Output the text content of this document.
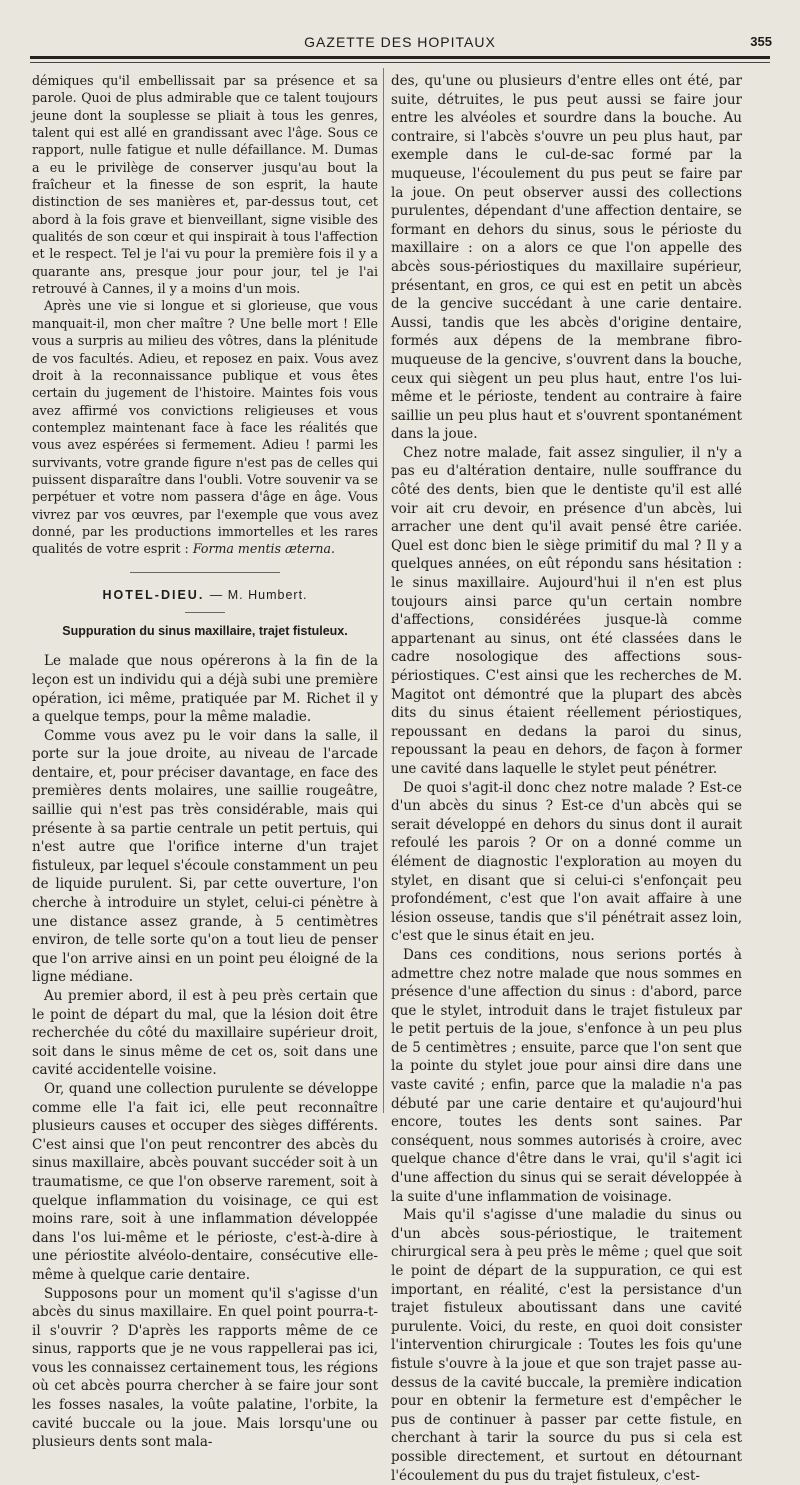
GAZETTE DES HOPITAUX	355

démiques qu'il embellissait par sa présence et sa parole. Quoi de plus admirable que ce talent toujours jeune dont la souplesse se pliait à tous les genres, talent qui est allé en grandissant avec l'âge. Sous ce rapport, nulle fatigue et nulle défaillance. M. Dumas a eu le privilège de conserver jusqu'au bout la fraîcheur et la finesse de son esprit, la haute distinction de ses manières et, par-dessus tout, cet abord à la fois grave et bienveillant, signe visible des qualités de son cœur et qui inspirait à tous l'affection et le respect. Tel je l'ai vu pour la première fois il y a quarante ans, presque jour pour jour, tel je l'ai retrouvé à Cannes, il y a moins d'un mois.

Après une vie si longue et si glorieuse, que vous manquait-il, mon cher maître ? Une belle mort ! Elle vous a surpris au milieu des vôtres, dans la plénitude de vos facultés. Adieu, et reposez en paix. Vous avez droit à la reconnaissance publique et vous êtes certain du jugement de l'histoire. Maintes fois vous avez affirmé vos convictions religieuses et vous contemplez maintenant face à face les réalités que vous avez espérées si fermement. Adieu ! parmi les survivants, votre grande figure n'est pas de celles qui puissent disparaître dans l'oubli. Votre souvenir va se perpétuer et votre nom passera d'âge en âge. Vous vivrez par vos œuvres, par l'exemple que vous avez donné, par les productions immortelles et les rares qualités de votre esprit : Forma mentis æterna.

HOTEL-DIEU. — M. Humbert.
Suppuration du sinus maxillaire, trajet fistuleux.

Le malade que nous opérerons à la fin de la leçon est un individu qui a déjà subi une première opération, ici même, pratiquée par M. Richet il y a quelque temps, pour la même maladie.

Comme vous avez pu le voir dans la salle, il porte sur la joue droite, au niveau de l'arcade dentaire, et, pour préciser davantage, en face des premières dents molaires, une saillie rougeâtre, saillie qui n'est pas très considérable, mais qui présente à sa partie centrale un petit pertuis, qui n'est autre que l'orifice interne d'un trajet fistuleux, par lequel s'écoule constamment un peu de liquide purulent. Si, par cette ouverture, l'on cherche à introduire un stylet, celui-ci pénètre à une distance assez grande, à 5 centimètres environ, de telle sorte qu'on a tout lieu de penser que l'on arrive ainsi en un point peu éloigné de la ligne médiane.

Au premier abord, il est à peu près certain que le point de départ du mal, que la lésion doit être recherchée du côté du maxillaire supérieur droit, soit dans le sinus même de cet os, soit dans une cavité accidentelle voisine.

Or, quand une collection purulente se développe comme elle l'a fait ici, elle peut reconnaître plusieurs causes et occuper des sièges différents. C'est ainsi que l'on peut rencontrer des abcès du sinus maxillaire, abcès pouvant succéder soit à un traumatisme, ce que l'on observe rarement, soit à quelque inflammation du voisinage, ce qui est moins rare, soit à une inflammation développée dans l'os lui-même et le périoste, c'est-à-dire à une périostite alvéolo-dentaire, consécutive elle-même à quelque carie dentaire.

Supposons pour un moment qu'il s'agisse d'un abcès du sinus maxillaire. En quel point pourra-t-il s'ouvrir ? D'après les rapports même de ce sinus, rapports que je ne vous rappellerai pas ici, vous les connaissez certainement tous, les régions où cet abcès pourra chercher à se faire jour sont les fosses nasales, la voûte palatine, l'orbite, la cavité buccale ou la joue. Mais lorsqu'une ou plusieurs dents sont mala-

des, qu'une ou plusieurs d'entre elles ont été, par suite, détruites, le pus peut aussi se faire jour entre les alvéoles et sourdre dans la bouche. Au contraire, si l'abcès s'ouvre un peu plus haut, par exemple dans le cul-de-sac formé par la muqueuse, l'écoulement du pus peut se faire par la joue. On peut observer aussi des collections purulentes, dépendant d'une affection dentaire, se formant en dehors du sinus, sous le périoste du maxillaire : on a alors ce que l'on appelle des abcès sous-périostiques du maxillaire supérieur, présentant, en gros, ce qui est en petit un abcès de la gencive succédant à une carie dentaire. Aussi, tandis que les abcès d'origine dentaire, formés aux dépens de la membrane fibro-muqueuse de la gencive, s'ouvrent dans la bouche, ceux qui siègent un peu plus haut, entre l'os lui-même et le périoste, tendent au contraire à faire saillie un peu plus haut et s'ouvrent spontanément dans la joue.

Chez notre malade, fait assez singulier, il n'y a pas eu d'altération dentaire, nulle souffrance du côté des dents, bien que le dentiste qu'il est allé voir ait cru devoir, en présence d'un abcès, lui arracher une dent qu'il avait pensé être cariée. Quel est donc bien le siège primitif du mal ? Il y a quelques années, on eût répondu sans hésitation : le sinus maxillaire. Aujourd'hui il n'en est plus toujours ainsi parce qu'un certain nombre d'affections, considérées jusque-là comme appartenant au sinus, ont été classées dans le cadre nosologique des affections sous-périostiques. C'est ainsi que les recherches de M. Magitot ont démontré que la plupart des abcès dits du sinus étaient réellement périostiques, repoussant en dedans la paroi du sinus, repoussant la peau en dehors, de façon à former une cavité dans laquelle le stylet peut pénétrer.

De quoi s'agit-il donc chez notre malade ? Est-ce d'un abcès du sinus ? Est-ce d'un abcès qui se serait développé en dehors du sinus dont il aurait refoulé les parois ? Or on a donné comme un élément de diagnostic l'exploration au moyen du stylet, en disant que si celui-ci s'enfonçait peu profondément, c'est que l'on avait affaire à une lésion osseuse, tandis que s'il pénétrait assez loin, c'est que le sinus était en jeu.

Dans ces conditions, nous serions portés à admettre chez notre malade que nous sommes en présence d'une affection du sinus : d'abord, parce que le stylet, introduit dans le trajet fistuleux par le petit pertuis de la joue, s'enfonce à un peu plus de 5 centimètres ; ensuite, parce que l'on sent que la pointe du stylet joue pour ainsi dire dans une vaste cavité ; enfin, parce que la maladie n'a pas débuté par une carie dentaire et qu'aujourd'hui encore, toutes les dents sont saines. Par conséquent, nous sommes autorisés à croire, avec quelque chance d'être dans le vrai, qu'il s'agit ici d'une affection du sinus qui se serait développée à la suite d'une inflammation de voisinage.

Mais qu'il s'agisse d'une maladie du sinus ou d'un abcès sous-périostique, le traitement chirurgical sera à peu près le même ; quel que soit le point de départ de la suppuration, ce qui est important, en réalité, c'est la persistance d'un trajet fistuleux aboutissant dans une cavité purulente. Voici, du reste, en quoi doit consister l'intervention chirurgicale : Toutes les fois qu'une fistule s'ouvre à la joue et que son trajet passe au-dessus de la cavité buccale, la première indication pour en obtenir la fermeture est d'empêcher le pus de continuer à passer par cette fistule, en cherchant à tarir la source du pus si cela est possible directement, et surtout en détournant l'écoulement du pus du trajet fistuleux, c'est-
